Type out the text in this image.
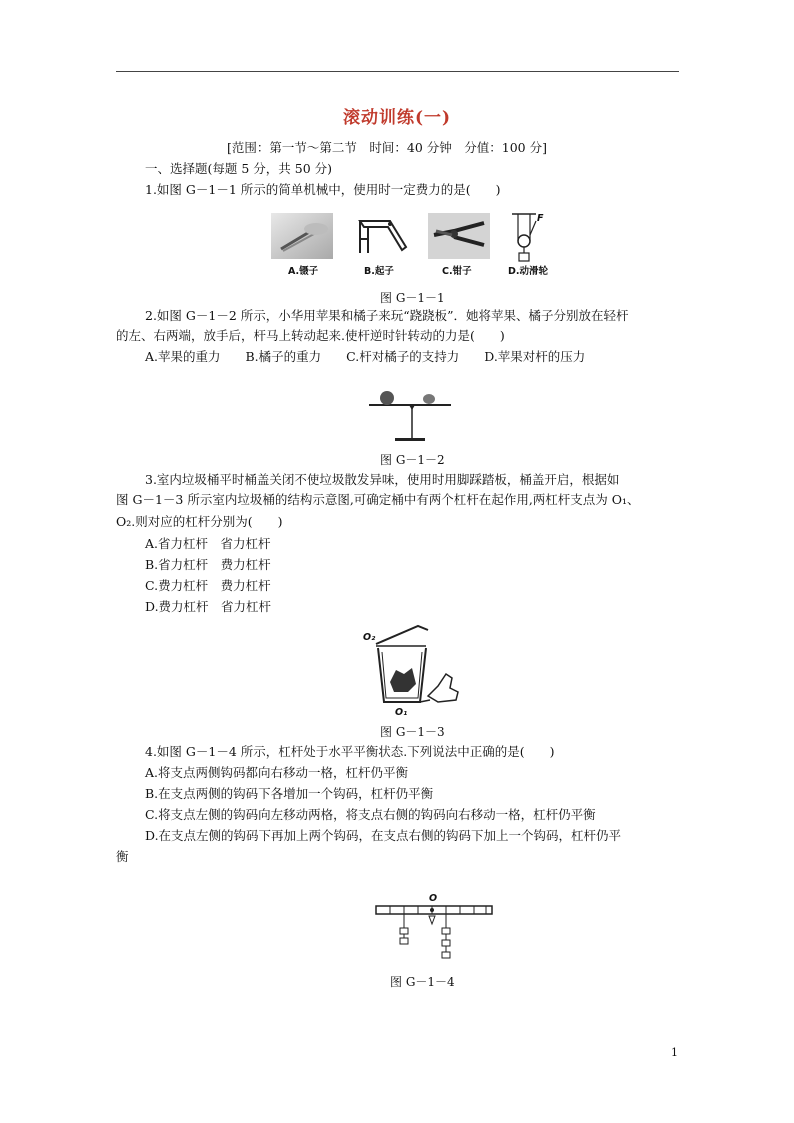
滚动训练(一)
[范围：第一节～第二节　时间：40 分钟　分值：100 分]
一、选择题(每题 5 分，共 50 分)
1.如图 G－1－1 所示的简单机械中，使用时一定费力的是(　　)
F
A.镊子	B.起子	C.钳子	D.动滑轮
图 G－1－1
2.如图 G－1－2 所示，小华用苹果和橘子来玩“跷跷板”．她将苹果、橘子分别放在轻杆
的左、右两端，放手后，杆马上转动起来.使杆逆时针转动的力是(　　)
A.苹果的重力　　B.橘子的重力　　C.杆对橘子的支持力　　D.苹果对杆的压力
图 G－1－2
3.室内垃圾桶平时桶盖关闭不使垃圾散发异味，使用时用脚踩踏板，桶盖开启，根据如
图 G－1－3 所示室内垃圾桶的结构示意图,可确定桶中有两个杠杆在起作用,两杠杆支点为 O₁、
O₂.则对应的杠杆分别为(　　)
A.省力杠杆　省力杠杆
B.省力杠杆　费力杠杆
C.费力杠杆　费力杠杆
D.费力杠杆　省力杠杆
O₂
O₁
图 G－1－3
4.如图 G－1－4 所示，杠杆处于水平平衡状态.下列说法中正确的是(　　)
A.将支点两侧钩码都向右移动一格，杠杆仍平衡
B.在支点两侧的钩码下各增加一个钩码，杠杆仍平衡
C.将支点左侧的钩码向左移动两格，将支点右侧的钩码向右移动一格，杠杆仍平衡
D.在支点左侧的钩码下再加上两个钩码，在支点右侧的钩码下加上一个钩码，杠杆仍平
衡
O
图 G－1－4
1
